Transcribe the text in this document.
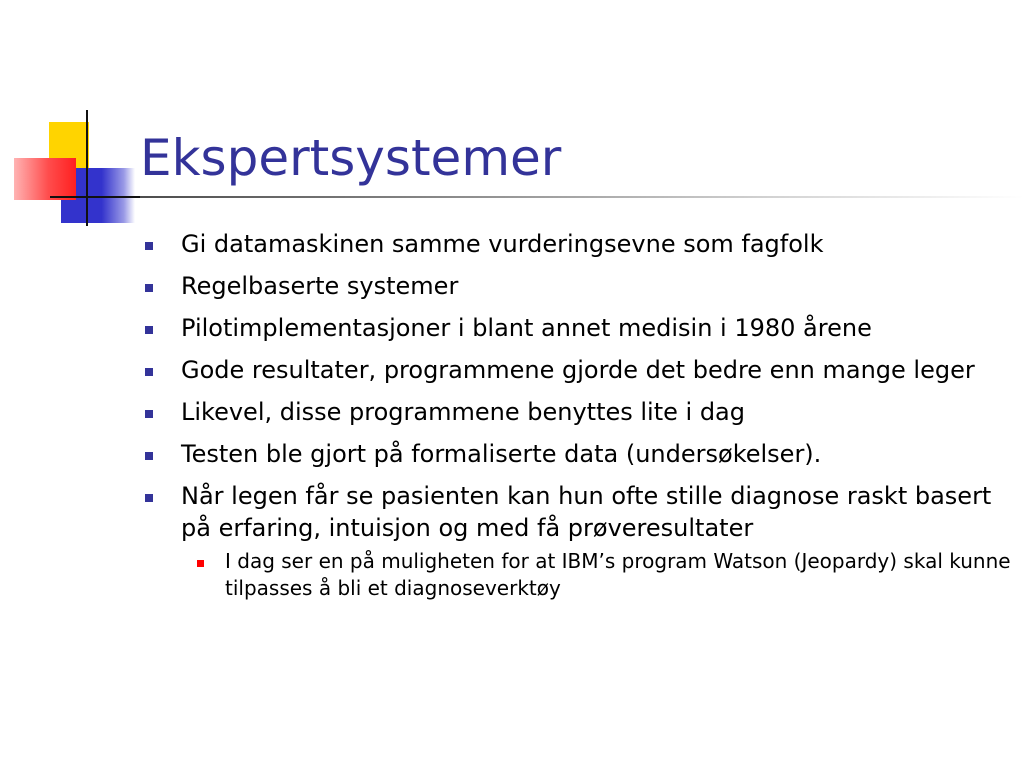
Ekspertsystemer
Gi datamaskinen samme vurderingsevne som fagfolk
Regelbaserte systemer
Pilotimplementasjoner i blant annet medisin i 1980 årene
Gode resultater, programmene gjorde det bedre enn mange leger
Likevel, disse programmene benyttes lite i dag
Testen ble gjort på formaliserte data (undersøkelser).
Når legen får se pasienten kan hun ofte stille diagnose raskt basert på erfaring, intuisjon og med få prøveresultater
I dag ser en på muligheten for at IBM’s program Watson (Jeopardy) skal kunne tilpasses å bli et diagnoseverktøy
